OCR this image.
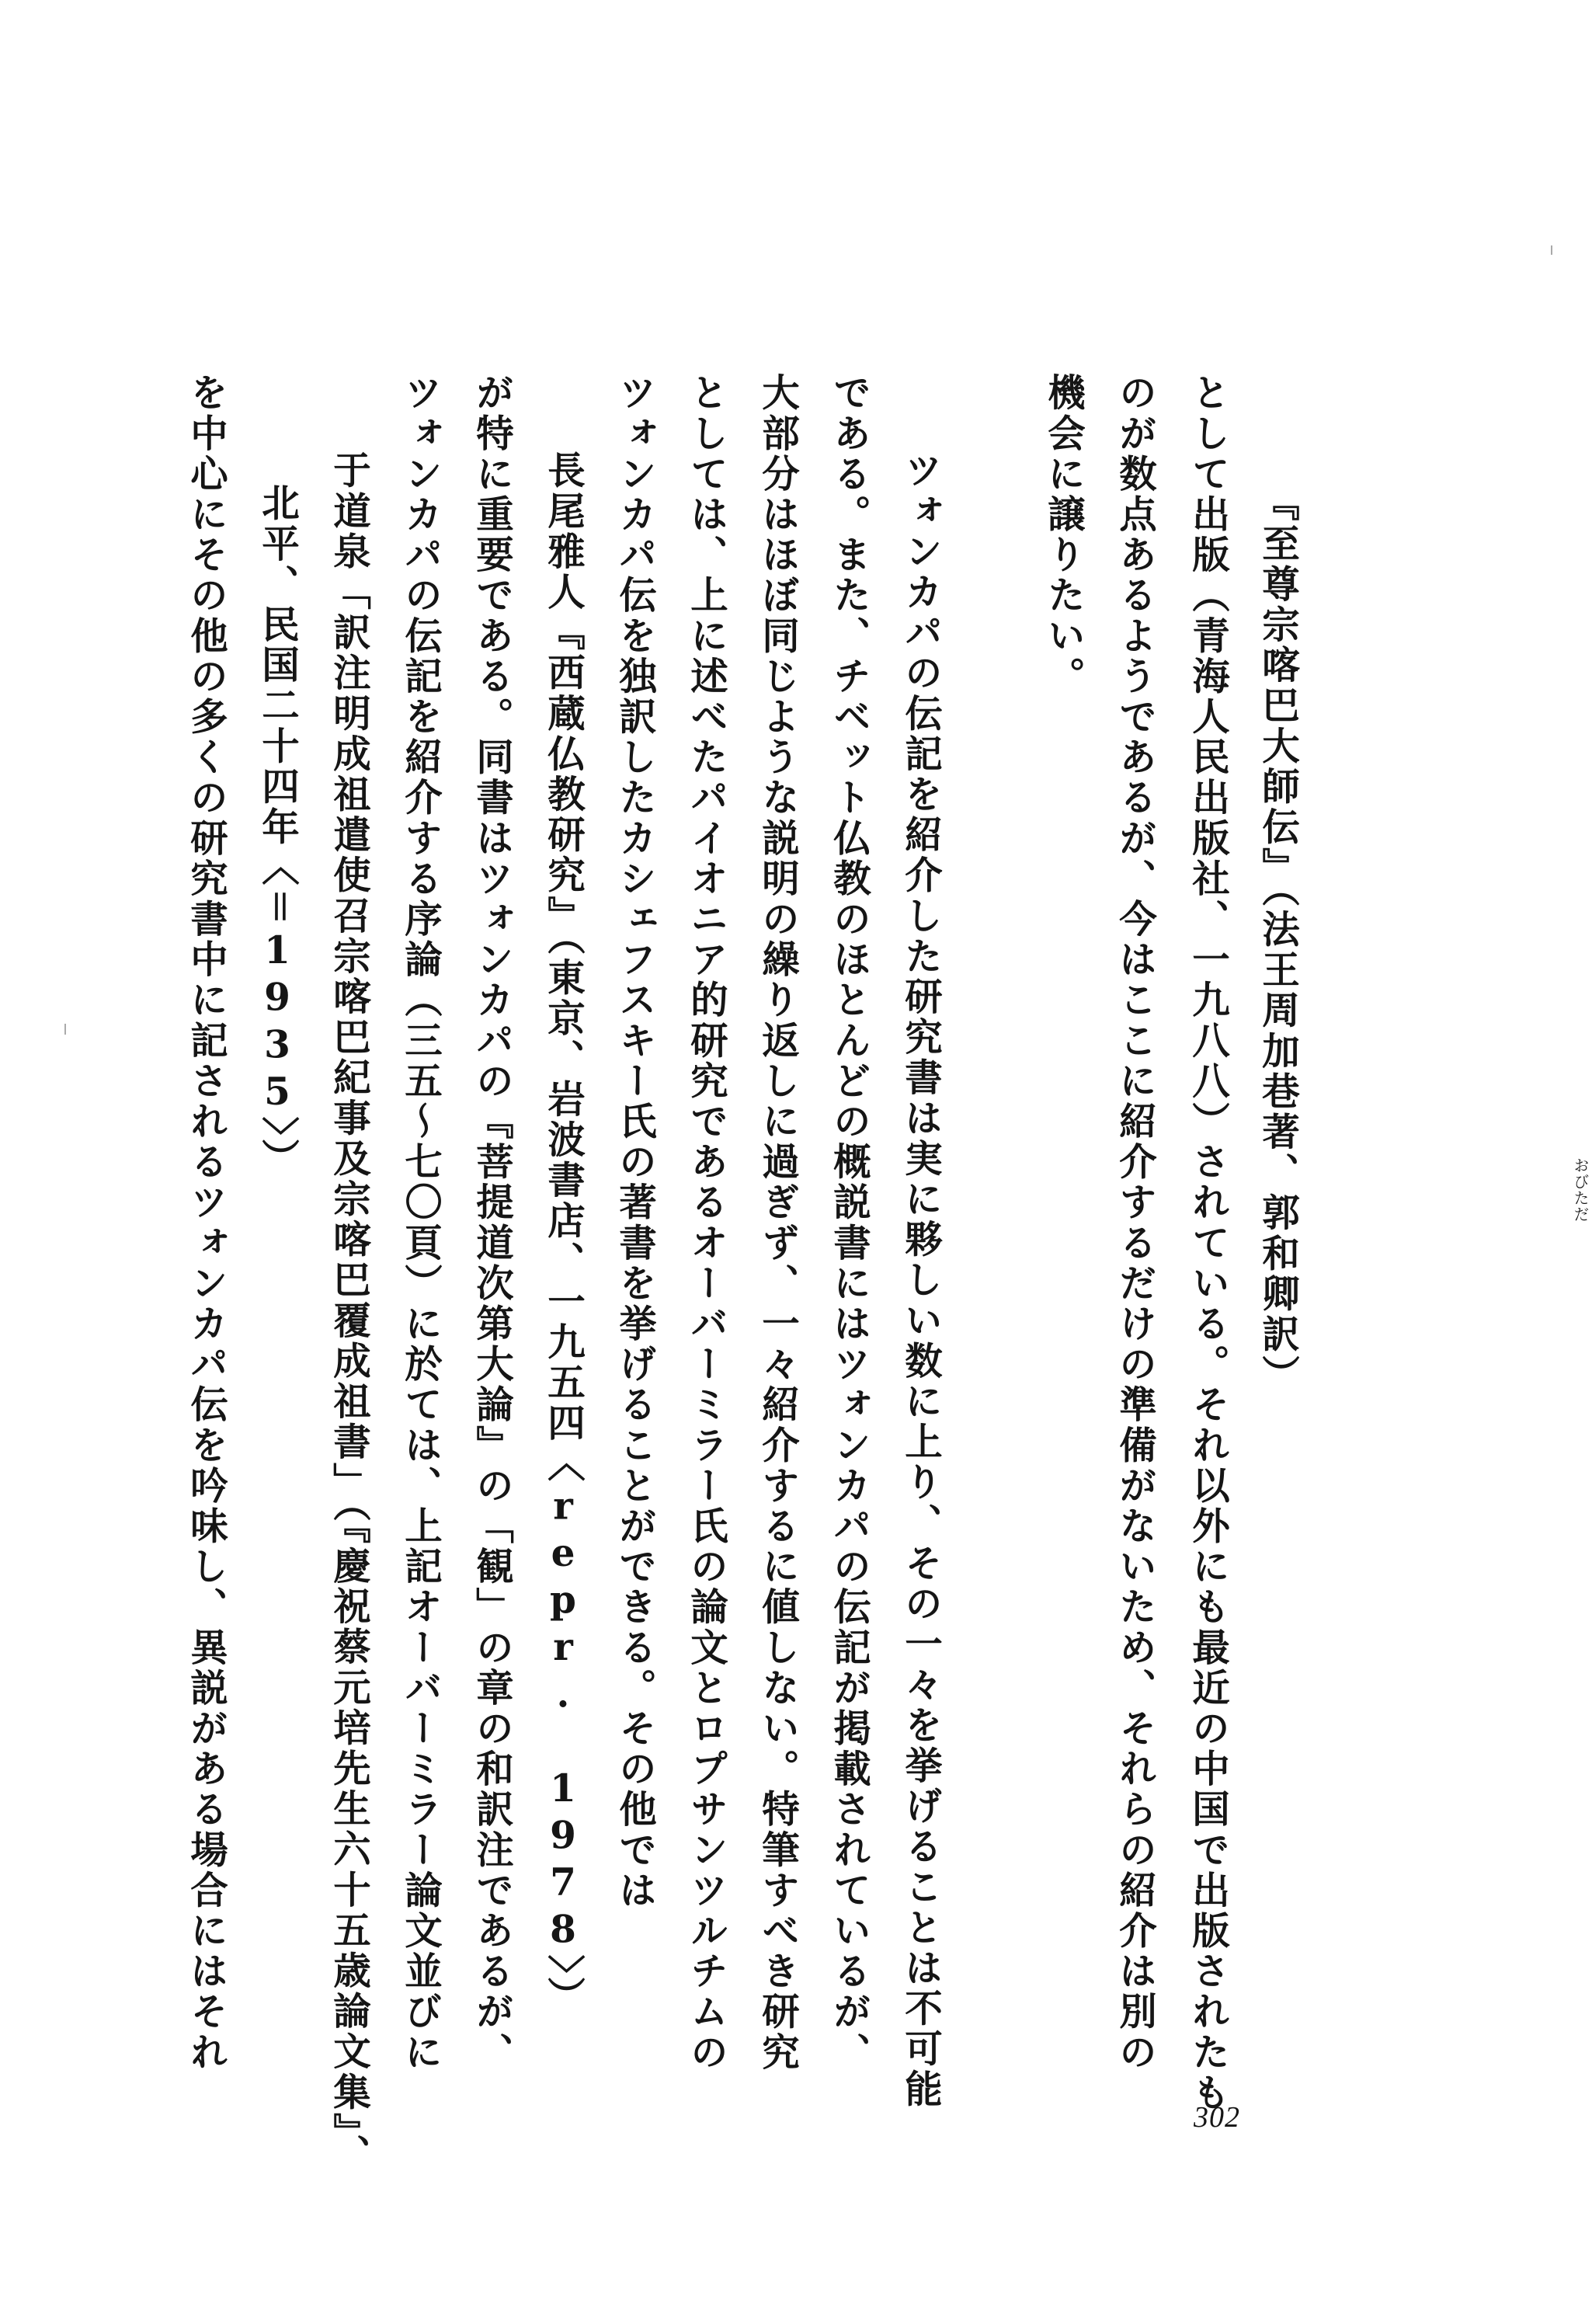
『至尊宗喀巴大師伝』（法王周加巷著、郭和卿訳）
として出版（青海人民出版社、一九八八）されている。それ以外にも最近の中国で出版されたも
のが数点あるようであるが、今はここに紹介するだけの準備がないため、それらの紹介は別の
機会に譲りたい。
ツォンカパの伝記を紹介した研究書は実に夥しい数に上り、その一々を挙げることは不可能	おびただ
である。また、チベット仏教のほとんどの概説書にはツォンカパの伝記が掲載されているが、
大部分はほぼ同じような説明の繰り返しに過ぎず、一々紹介するに値しない。特筆すべき研究
としては、上に述べたパイオニア的研究であるオーバーミラー氏の論文とロプサンツルチムの
ツォンカパ伝を独訳したカシェフスキー氏の著書を挙げることができる。その他では
長尾雅人『西蔵仏教研究』（東京、岩波書店、一九五四〈repr. 1978〉）
が特に重要である。同書はツォンカパの『菩提道次第大論』の「観」の章の和訳注であるが、
ツォンカパの伝記を紹介する序論（三五〜七〇頁）に於ては、上記オーバーミラー論文並びに
于道泉「訳注明成祖遣使召宗喀巴紀事及宗喀巴覆成祖書」（『慶祝蔡元培先生六十五歳論文集』、
北平、民国二十四年〈＝1935〉）
を中心にその他の多くの研究書中に記されるツォンカパ伝を吟味し、異説がある場合にはそれ
302
